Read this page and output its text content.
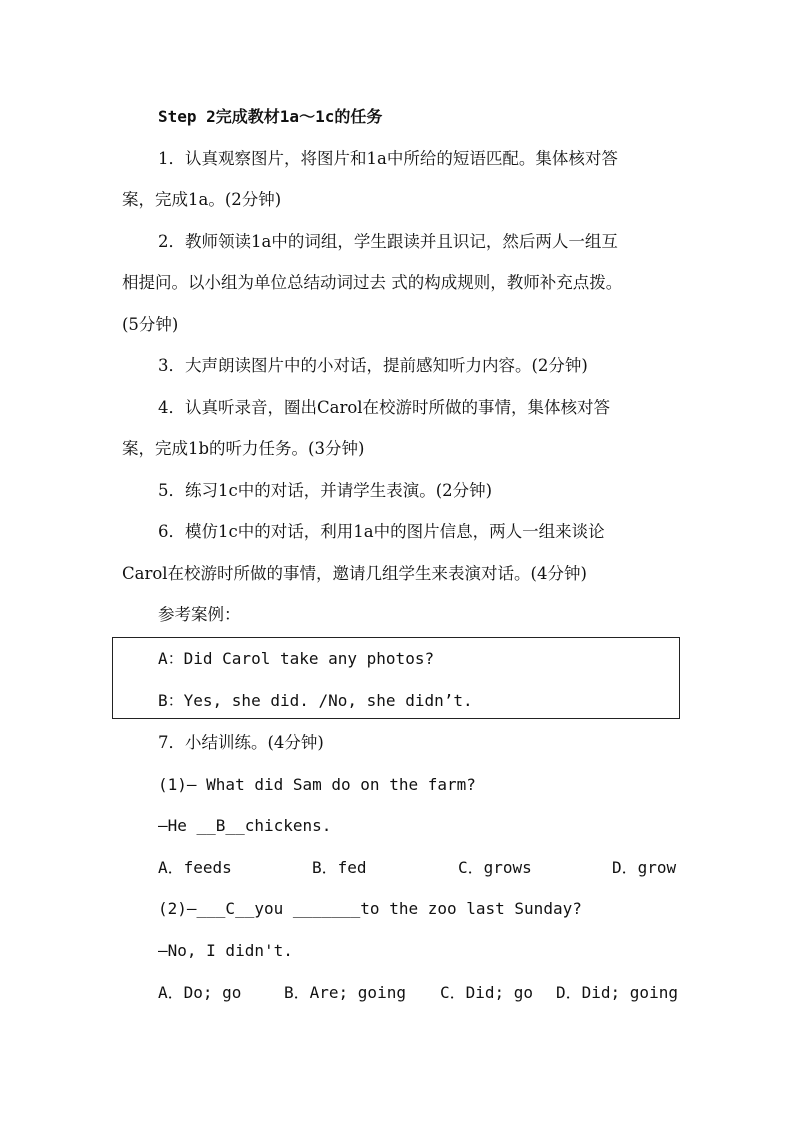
Step 2完成教材1a～1c的任务
1．认真观察图片，将图片和1a中所给的短语匹配。集体核对答
案，完成1a。(2分钟)
2．教师领读1a中的词组，学生跟读并且识记，然后两人一组互
相提问。以小组为单位总结动词过去 式的构成规则，教师补充点拨。
(5分钟)
3．大声朗读图片中的小对话，提前感知听力内容。(2分钟)
4．认真听录音，圈出Carol在校游时所做的事情，集体核对答
案，完成1b的听力任务。(3分钟)
5．练习1c中的对话，并请学生表演。(2分钟)
6．模仿1c中的对话，利用1a中的图片信息，两人一组来谈论
Carol在校游时所做的事情，邀请几组学生来表演对话。(4分钟)
参考案例：
A：Did Carol take any photos?
B：Yes, she did. /No, she didn’t.
7．小结训练。(4分钟)
(1)— What did Sam do on the farm?
—He __B__chickens.
A．feeds	B．fed	C．grows	D．grow
(2)—___C__you _______to the zoo last Sunday?
—No, I didn't.
A．Do; go	B．Are; going C．Did; go D．Did; going
